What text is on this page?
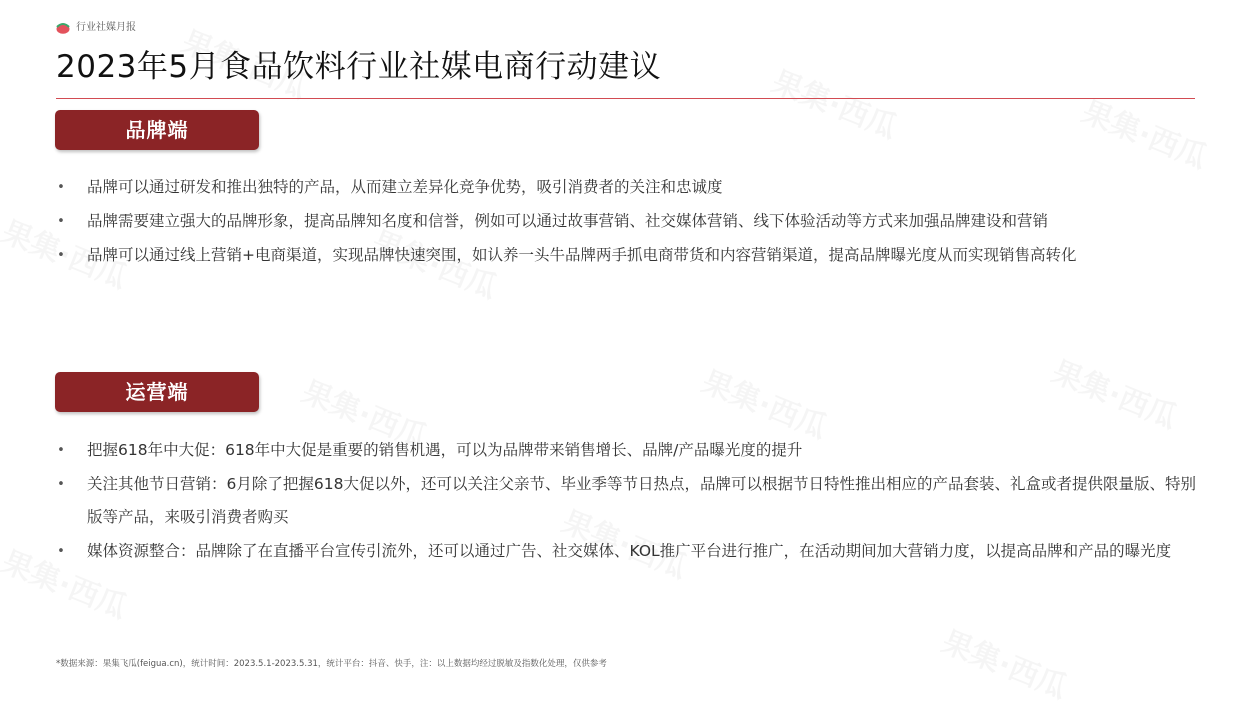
行业社媒月报
2023年5月食品饮料行业社媒电商行动建议
品牌端
• 品牌可以通过研发和推出独特的产品，从而建立差异化竞争优势，吸引消费者的关注和忠诚度
• 品牌需要建立强大的品牌形象，提高品牌知名度和信誉，例如可以通过故事营销、社交媒体营销、线下体验活动等方式来加强品牌建设和营销
• 品牌可以通过线上营销+电商渠道，实现品牌快速突围，如认养一头牛品牌两手抓电商带货和内容营销渠道，提高品牌曝光度从而实现销售高转化
运营端
• 把握618年中大促：618年中大促是重要的销售机遇，可以为品牌带来销售增长、品牌/产品曝光度的提升
• 关注其他节日营销：6月除了把握618大促以外，还可以关注父亲节、毕业季等节日热点，品牌可以根据节日特性推出相应的产品套装、礼盒或者提供限量版、特别版等产品，来吸引消费者购买
• 媒体资源整合：品牌除了在直播平台宣传引流外，还可以通过广告、社交媒体、KOL推广平台进行推广，在活动期间加大营销力度，以提高品牌和产品的曝光度
*数据来源：果集飞瓜(feigua.cn)，统计时间：2023.5.1-2023.5.31，统计平台：抖音、快手，注：以上数据均经过脱敏及指数化处理，仅供参考
